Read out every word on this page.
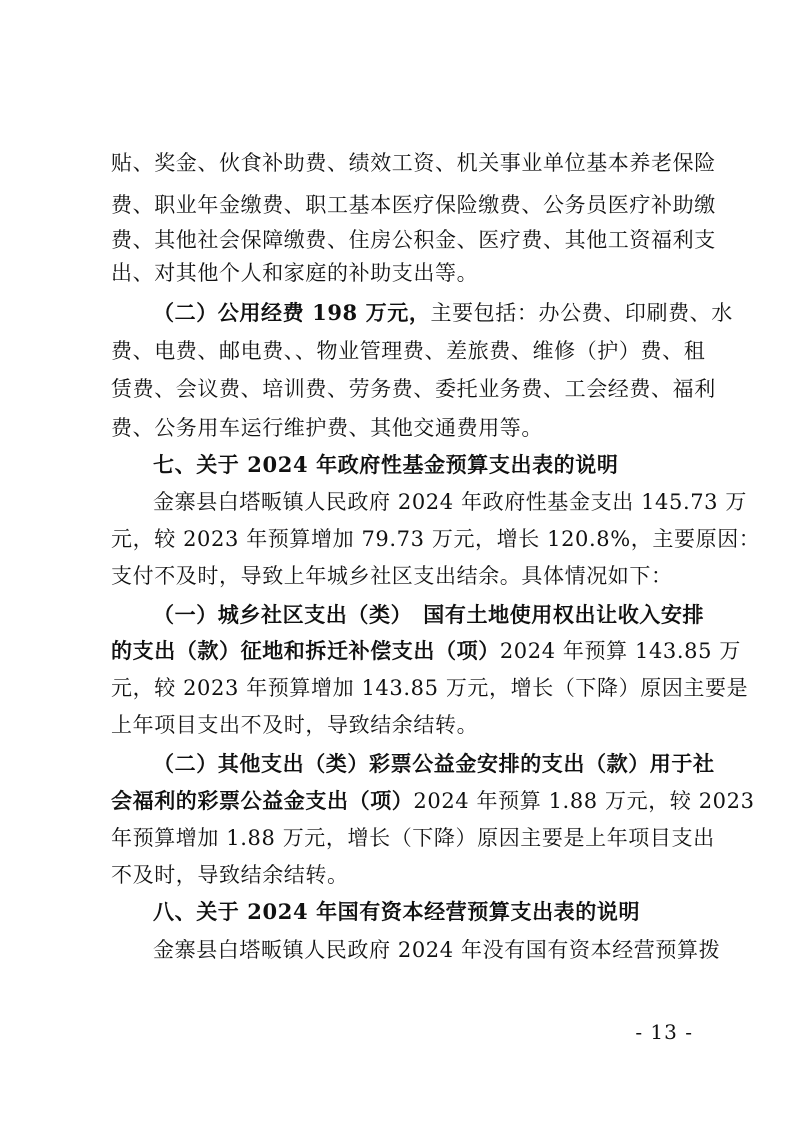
贴、奖金、伙食补助费、绩效工资、机关事业单位基本养老保险
费、职业年金缴费、职工基本医疗保险缴费、公务员医疗补助缴
费、其他社会保障缴费、住房公积金、医疗费、其他工资福利支
出、对其他个人和家庭的补助支出等。
（二）公用经费 198 万元，主要包括：办公费、印刷费、水
费、电费、邮电费、、物业管理费、差旅费、维修（护）费、租
赁费、会议费、培训费、劳务费、委托业务费、工会经费、福利
费、公务用车运行维护费、其他交通费用等。
七、关于 2024 年政府性基金预算支出表的说明
金寨县白塔畈镇人民政府 2024 年政府性基金支出 145.73 万
元，较 2023 年预算增加 79.73 万元，增长 120.8%，主要原因：
支付不及时，导致上年城乡社区支出结余。具体情况如下：
（一）城乡社区支出（类）　国有土地使用权出让收入安排
的支出（款）征地和拆迁补偿支出（项）2024 年预算 143.85 万
元，较 2023 年预算增加 143.85 万元，增长（下降）原因主要是
上年项目支出不及时，导致结余结转。
（二）其他支出（类）彩票公益金安排的支出（款）用于社
会福利的彩票公益金支出（项）2024 年预算 1.88 万元，较 2023
年预算增加 1.88 万元，增长（下降）原因主要是上年项目支出
不及时，导致结余结转。
八、关于 2024 年国有资本经营预算支出表的说明
金寨县白塔畈镇人民政府 2024 年没有国有资本经营预算拨
- 13 -
